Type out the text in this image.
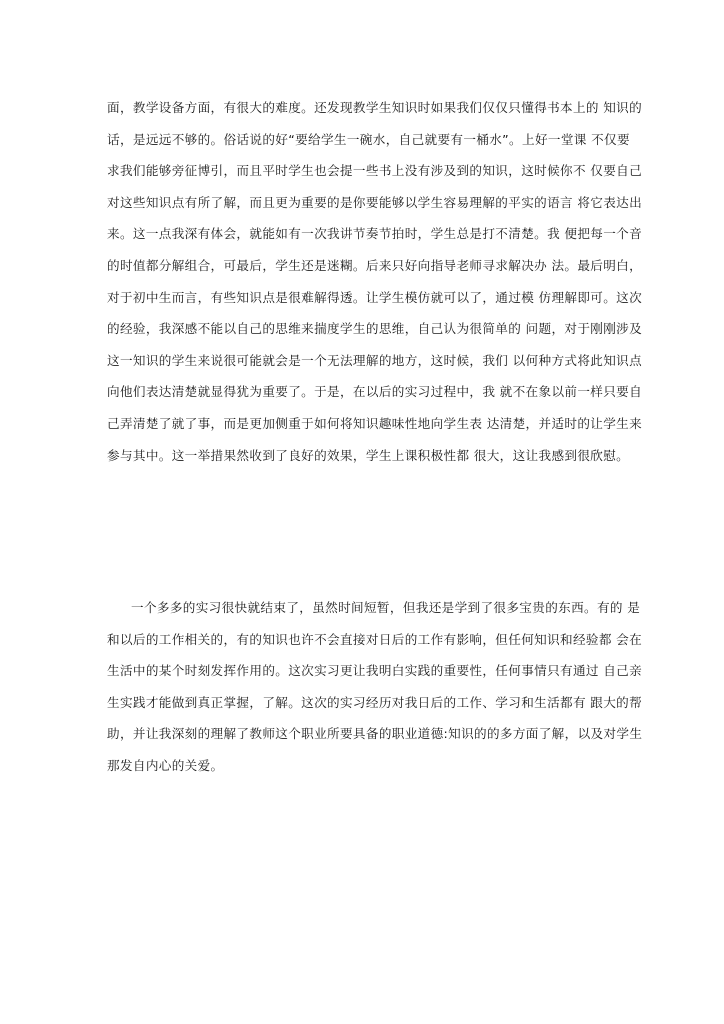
面，教学设备方面，有很大的难度。还发现教学生知识时如果我们仅仅只懂得书本上的 知识的
话，是远远不够的。俗话说的好“要给学生一碗水，自己就要有一桶水”。上好一堂课 不仅要
求我们能够旁征博引，而且平时学生也会提一些书上没有涉及到的知识，这时候你不 仅要自己
对这些知识点有所了解，而且更为重要的是你要能够以学生容易理解的平实的语言 将它表达出
来。这一点我深有体会，就能如有一次我讲节奏节拍时，学生总是打不清楚。我 便把每一个音
的时值都分解组合，可最后，学生还是迷糊。后来只好向指导老师寻求解决办 法。最后明白，
对于初中生而言，有些知识点是很难解得透。让学生模仿就可以了，通过模 仿理解即可。这次
的经验，我深感不能以自己的思维来揣度学生的思维，自己认为很简单的 问题，对于刚刚涉及
这一知识的学生来说很可能就会是一个无法理解的地方，这时候，我们 以何种方式将此知识点
向他们表达清楚就显得犹为重要了。于是，在以后的实习过程中，我 就不在象以前一样只要自
己弄清楚了就了事，而是更加侧重于如何将知识趣味性地向学生表 达清楚，并适时的让学生来
参与其中。这一举措果然收到了良好的效果，学生上课积极性都 很大，这让我感到很欣慰。
一个多多的实习很快就结束了，虽然时间短暂，但我还是学到了很多宝贵的东西。有的 是
和以后的工作相关的，有的知识也许不会直接对日后的工作有影响，但任何知识和经验都 会在
生活中的某个时刻发挥作用的。这次实习更让我明白实践的重要性，任何事情只有通过 自己亲
生实践才能做到真正掌握，了解。这次的实习经历对我日后的工作、学习和生活都有 跟大的帮
助，并让我深刻的理解了教师这个职业所要具备的职业道德:知识的的多方面了解，以及对学生
那发自内心的关爱。
